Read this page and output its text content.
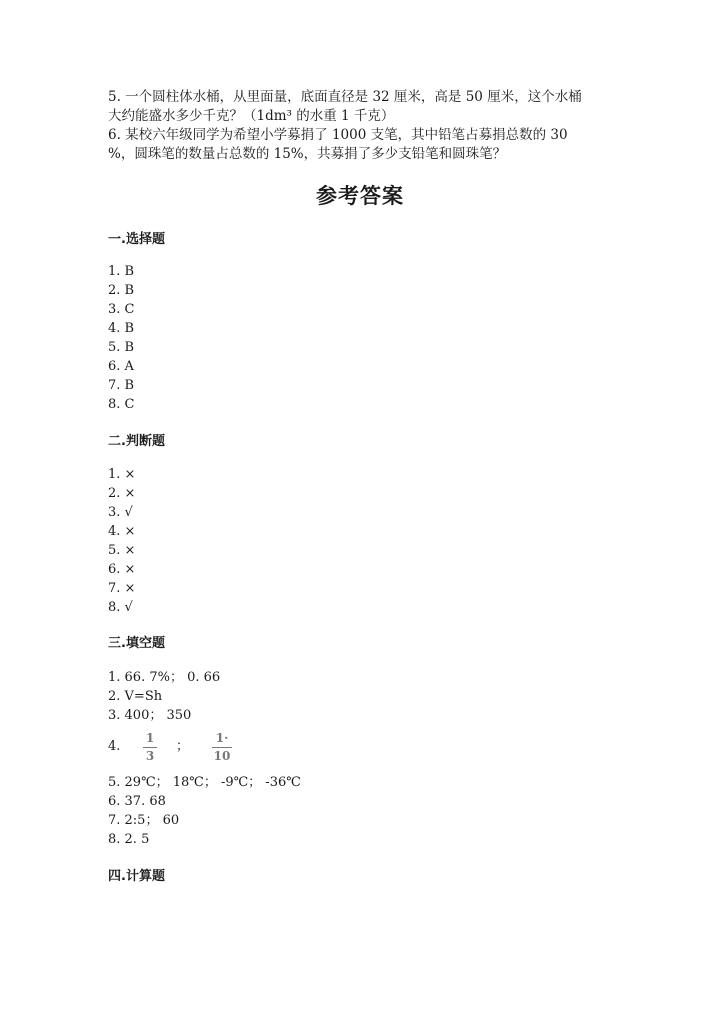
5. 一个圆柱体水桶，从里面量，底面直径是 32 厘米，高是 50 厘米，这个水桶
大约能盛水多少千克？（1dm³ 的水重 1 千克）
6. 某校六年级同学为希望小学募捐了 1000 支笔，其中铅笔占募捐总数的 30
%，圆珠笔的数量占总数的 15%，共募捐了多少支铅笔和圆珠笔？
参考答案
一.选择题
1. B
2. B
3. C
4. B
5. B
6. A
7. B
8. C
二.判断题
1. ×
2. ×
3. √
4. ×
5. ×
6. ×
7. ×
8. √
三.填空题
1. 66. 7%； 0. 66
2. V=Sh
3. 400； 350
4.
1
3
；
1·
10
5. 29℃； 18℃； -9℃； -36℃
6. 37. 68
7. 2:5； 60
8. 2. 5
四.计算题
